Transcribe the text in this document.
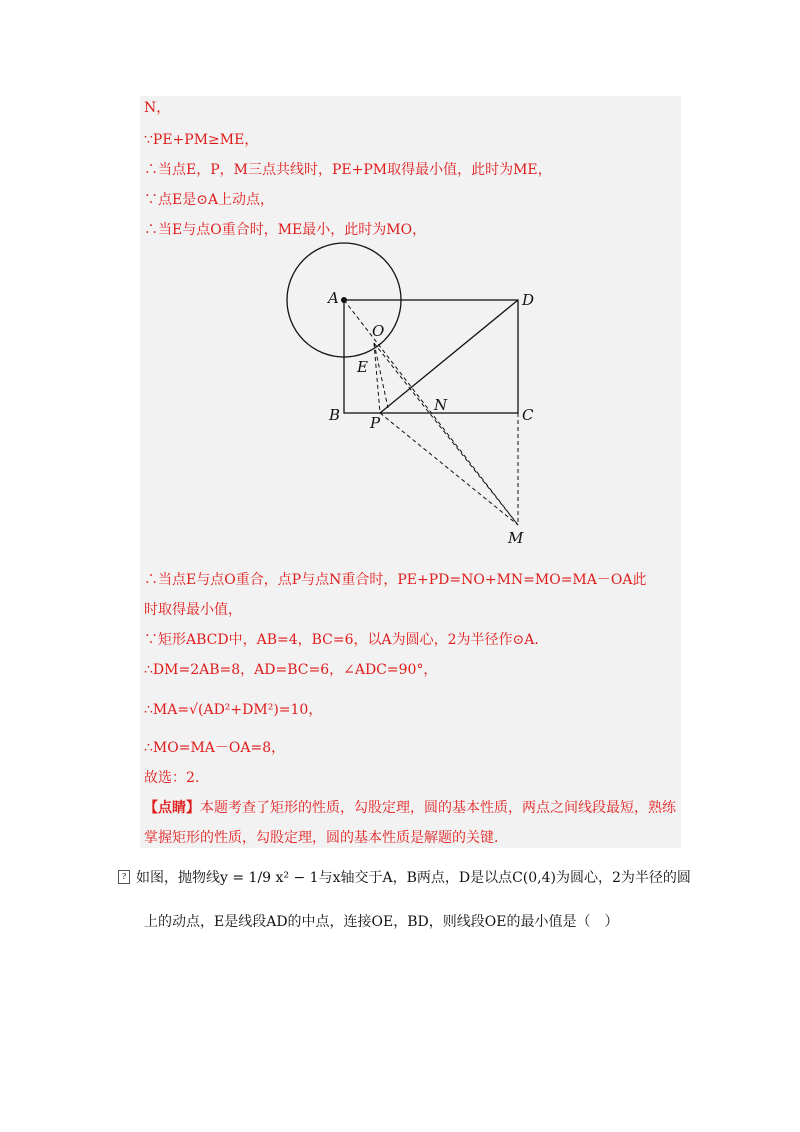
N，
∵PE+PM≥ME，
∴当点E，P，M三点共线时，PE+PM取得最小值，此时为ME，
∵点E是⊙A上动点，
∴当E与点O重合时，ME最小，此时为MO，
A	D
O
E
B P
N
C
M
∴当点E与点O重合，点P与点N重合时，PE+PD=NO+MN=MO=MA－OA此
时取得最小值，
∵矩形ABCD中，AB=4，BC=6，以A为圆心，2为半径作⊙A.
∴DM=2AB=8，AD=BC=6，∠ADC=90°，
∴MA=√(AD²+DM²)=10，
∴MO=MA－OA=8，
故选：2.
【点睛】本题考查了矩形的性质，勾股定理，圆的基本性质，两点之间线段最短，熟练
掌握矩形的性质，勾股定理，圆的基本性质是解题的关键.
? 如图，抛物线y = 1/9 x² − 1与x轴交于A，B两点，D是以点C(0,4)为圆心，2为半径的圆
上的动点，E是线段AD的中点，连接OE，BD，则线段OE的最小值是（　）
